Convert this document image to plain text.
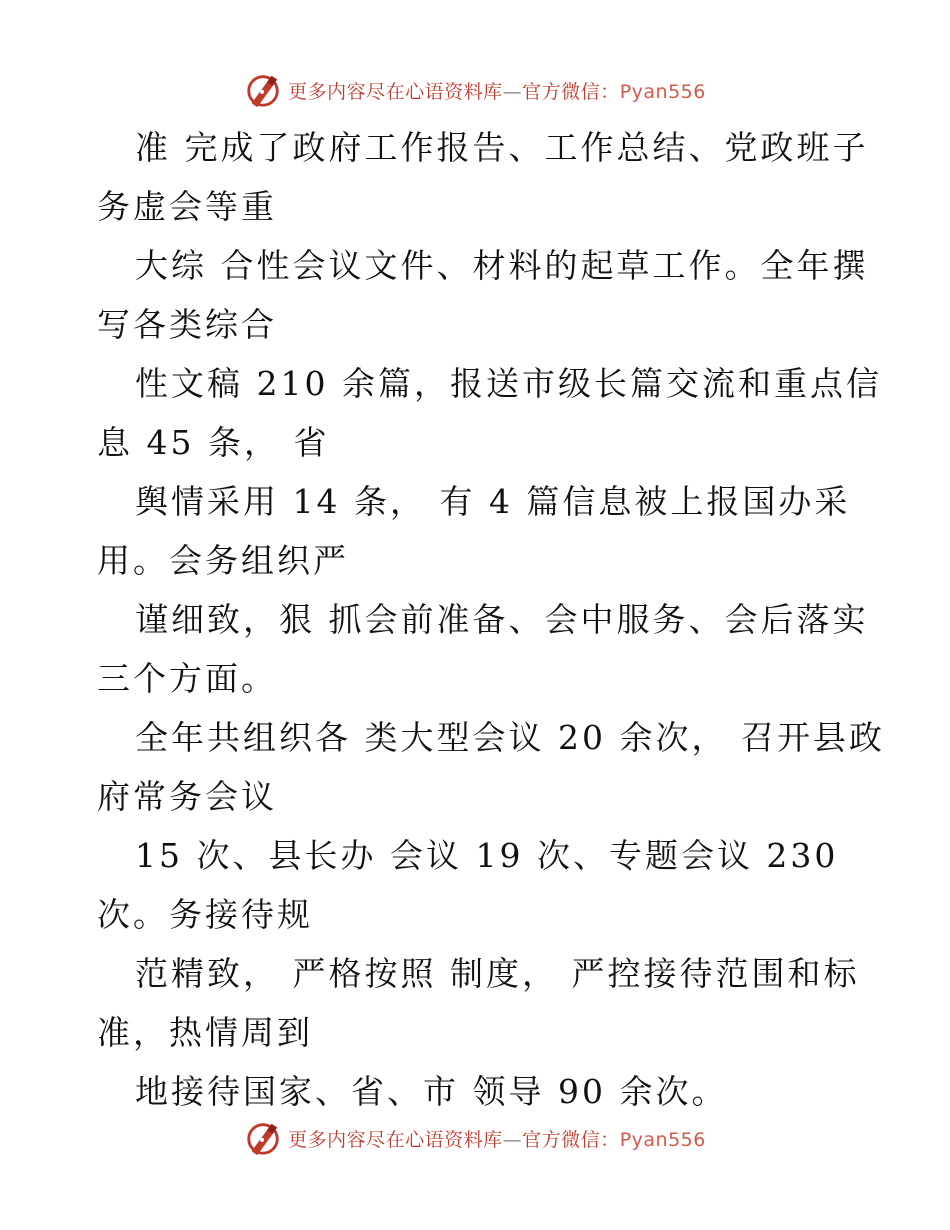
更多内容尽在心语资料库—官方微信：Pyan556
准 完成了政府工作报告、工作总结、党政班子
务虚会等重
大综 合性会议文件、材料的起草工作。全年撰
写各类综合
性文稿 210 余篇，报送市级长篇交流和重点信
息 45 条， 省
舆情采用 14 条， 有 4 篇信息被上报国办采
用。会务组织严
谨细致，狠 抓会前准备、会中服务、会后落实
三个方面。
全年共组织各 类大型会议 20 余次， 召开县政
府常务会议
15 次、县长办 会议 19 次、专题会议 230
次。务接待规
范精致， 严格按照 制度， 严控接待范围和标
准，热情周到
地接待国家、省、市 领导 90 余次。
更多内容尽在心语资料库—官方微信：Pyan556
